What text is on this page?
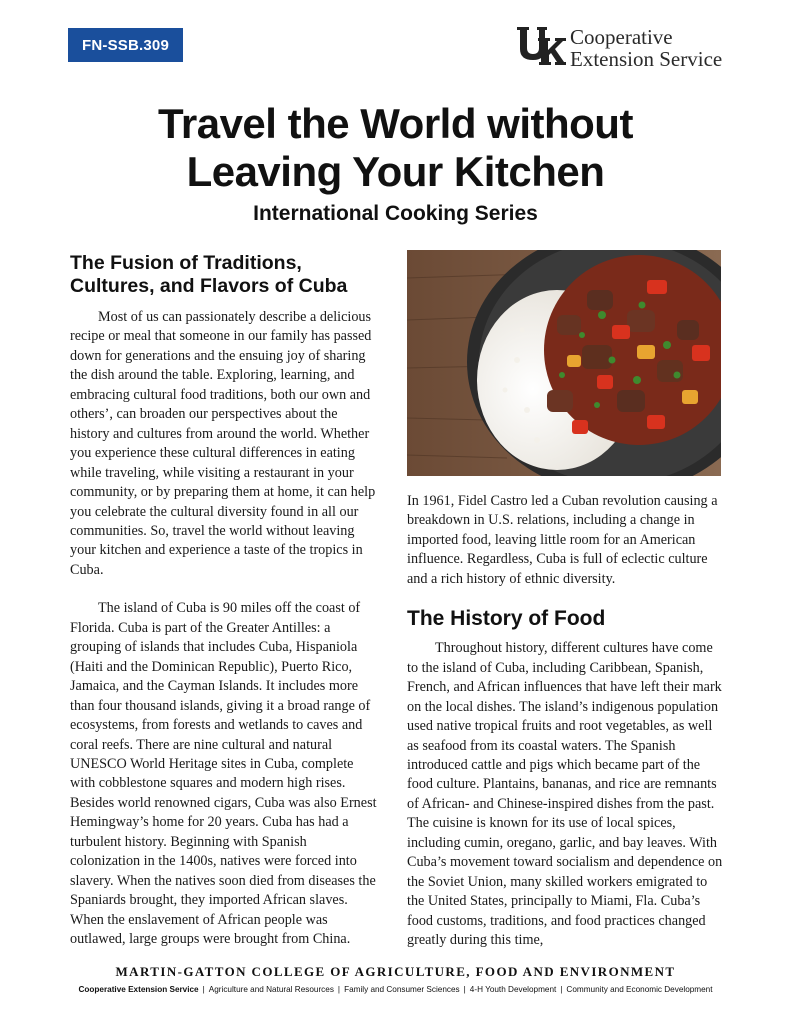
FN-SSB.309	Cooperative
Extension Service
Travel the World without
Leaving Your Kitchen
International Cooking Series
The Fusion of Traditions,
Cultures, and Flavors of Cuba

Most of us can passionately describe a delicious recipe or meal that someone in our family has passed down for generations and the ensuing joy of sharing the dish around the table. Exploring, learning, and embracing cultural food traditions, both our own and others’, can broaden our perspectives about the history and cultures from around the world. Whether you experience these cultural differences in eating while traveling, while visiting a restaurant in your community, or by preparing them at home, it can help you celebrate the cultural diversity found in all our communities. So, travel the world without leaving your kitchen and experience a taste of the tropics in Cuba.

The island of Cuba is 90 miles off the coast of Florida. Cuba is part of the Greater Antilles: a grouping of islands that includes Cuba, Hispaniola (Haiti and the Dominican Republic), Puerto Rico, Jamaica, and the Cayman Islands. It includes more than four thousand islands, giving it a broad range of ecosystems, from forests and wetlands to caves and coral reefs. There are nine cultural and natural UNESCO World Heritage sites in Cuba, complete with cobblestone squares and modern high rises. Besides world renowned cigars, Cuba was also Ernest Hemingway’s home for 20 years. Cuba has had a turbulent history. Beginning with Spanish colonization in the 1400s, natives were forced into slavery. When the natives soon died from diseases the Spaniards brought, they imported African slaves. When the enslavement of African people was outlawed, large groups were brought from China.

In 1961, Fidel Castro led a Cuban revolution causing a breakdown in U.S. relations, including a change in imported food, leaving little room for an American influence. Regardless, Cuba is full of eclectic culture and a rich history of ethnic diversity.

The History of Food

Throughout history, different cultures have come to the island of Cuba, including Caribbean, Spanish, French, and African influences that have left their mark on the local dishes. The island’s indigenous population used native tropical fruits and root vegetables, as well as seafood from its coastal waters. The Spanish introduced cattle and pigs which became part of the food culture. Plantains, bananas, and rice are remnants of African- and Chinese-inspired dishes from the past. The cuisine is known for its use of local spices, including cumin, oregano, garlic, and bay leaves. With Cuba’s movement toward socialism and dependence on the Soviet Union, many skilled workers emigrated to the United States, principally to Miami, Fla. Cuba’s food customs, traditions, and food practices changed greatly during this time,

MARTIN-GATTON COLLEGE OF AGRICULTURE, FOOD AND ENVIRONMENT
Cooperative Extension Service | Agriculture and Natural Resources | Family and Consumer Sciences | 4-H Youth Development | Community and Economic Development
